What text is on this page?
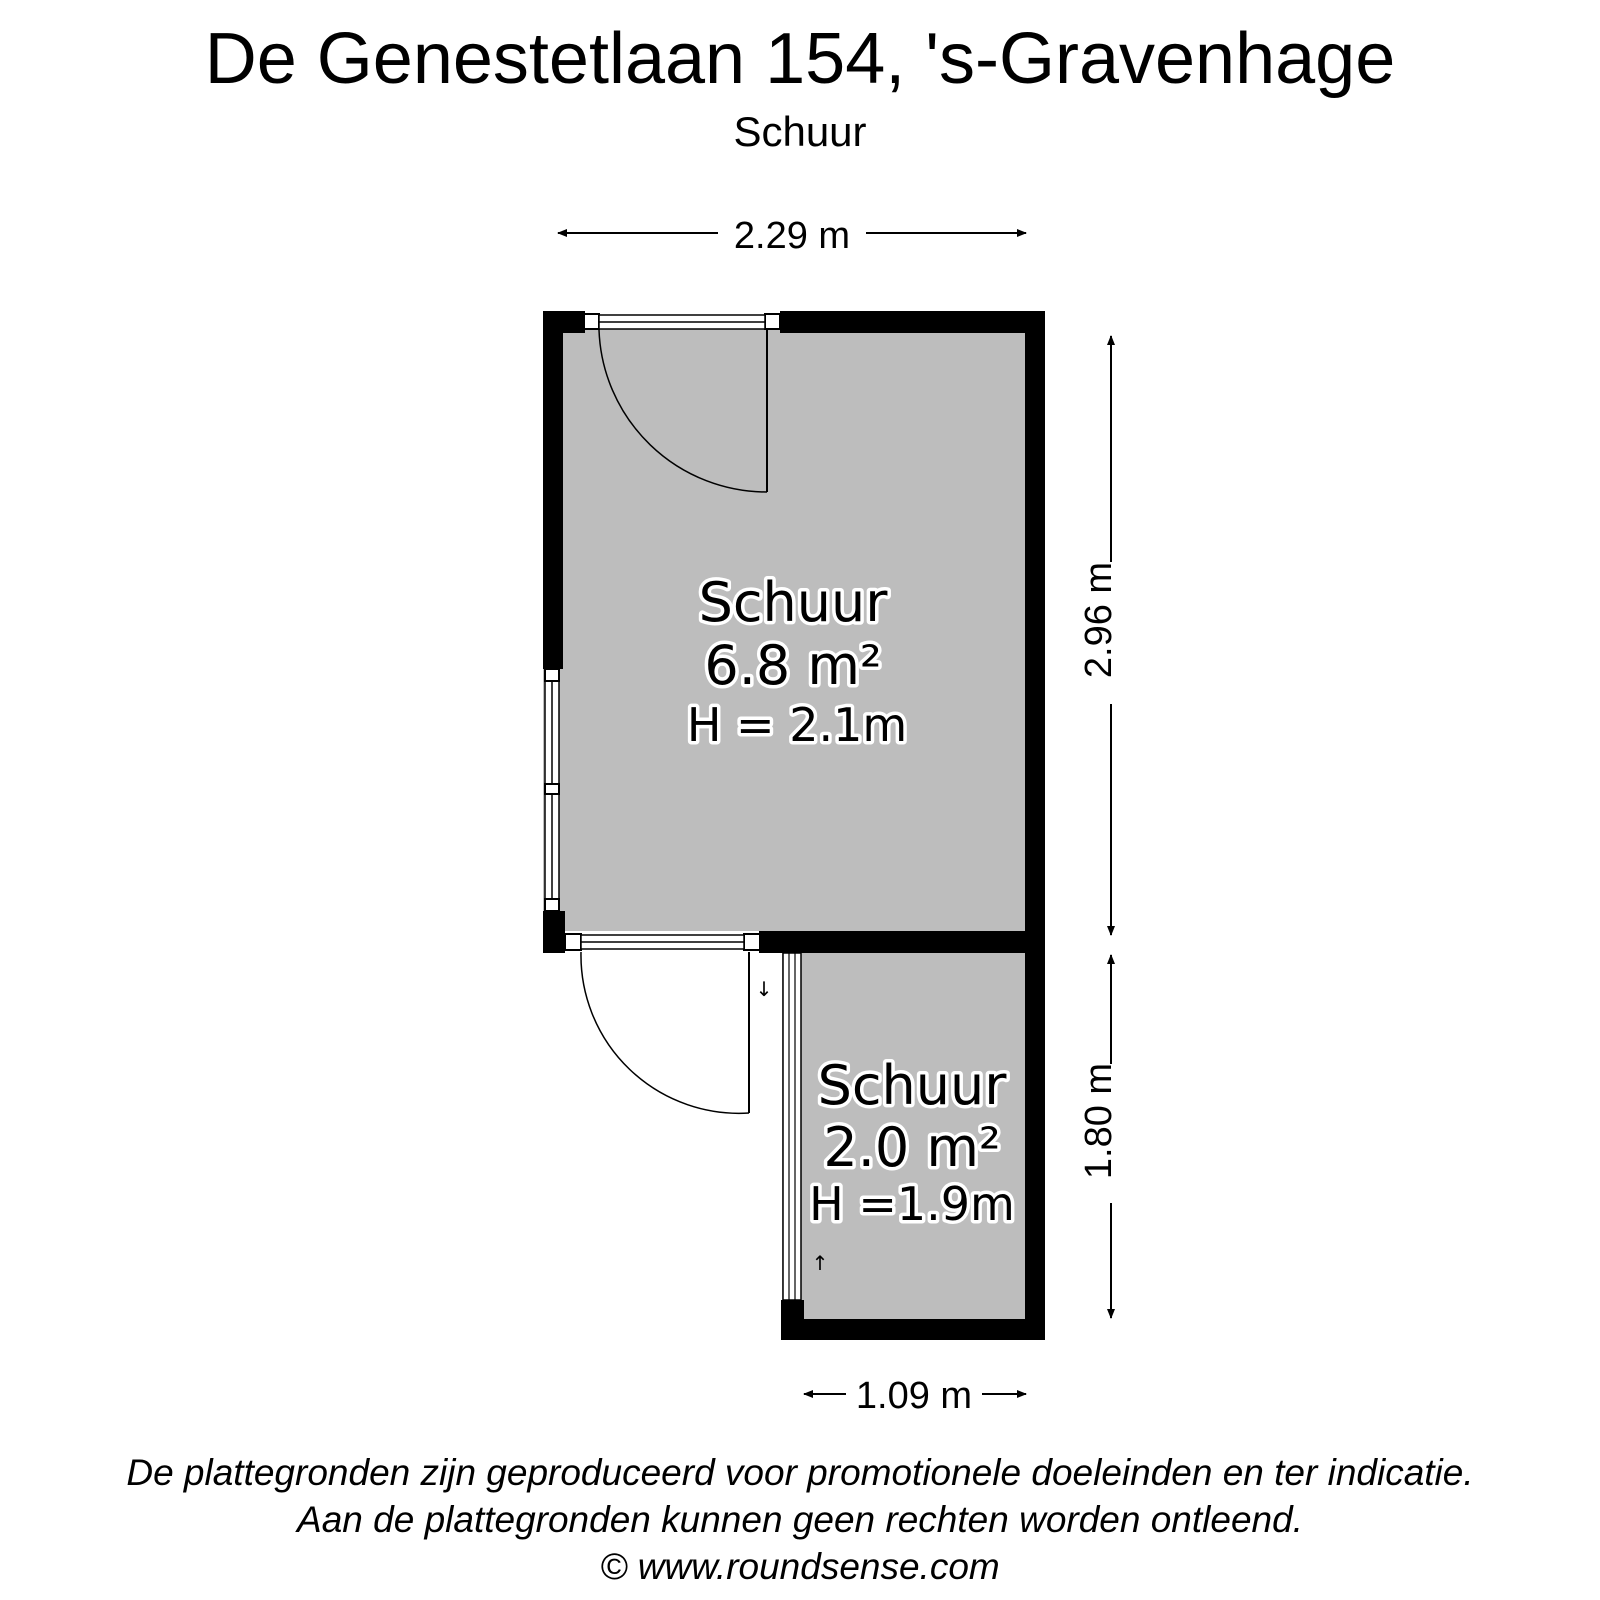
De Genestetlaan 154, 's-Gravenhage
Schuur
↓
↑
Schuur
6.8 m²
H = 2.1m
Schuur
2.0 m²
H =1.9m
2.29 m
2.96 m
1.80 m
1.09 m
De plattegronden zijn geproduceerd voor promotionele doeleinden en ter indicatie.
Aan de plattegronden kunnen geen rechten worden ontleend.
© www.roundsense.com
